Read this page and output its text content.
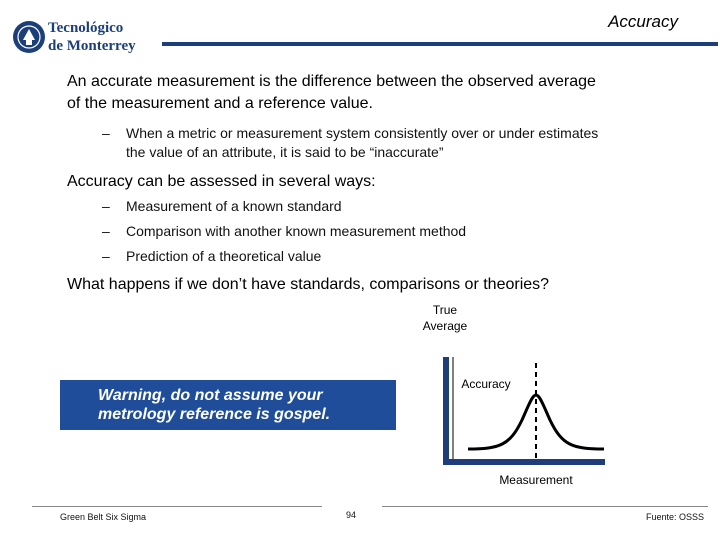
Tecnológico
de Monterrey
Accuracy
An accurate measurement is the difference between the observed average
of the measurement and a reference value.
–	When a metric or measurement system consistently over or under estimates
the value of an attribute, it is said to be “inaccurate”
Accuracy can be assessed in several ways:
–	Measurement of a known standard
–	Comparison with another known measurement method
–	Prediction of a theoretical value
What happens if we don’t have standards, comparisons or theories?
Warning, do not assume your
metrology reference is gospel.
True
Average
Accuracy
Measurement
Green Belt Six Sigma	94	Fuente: OSSS
